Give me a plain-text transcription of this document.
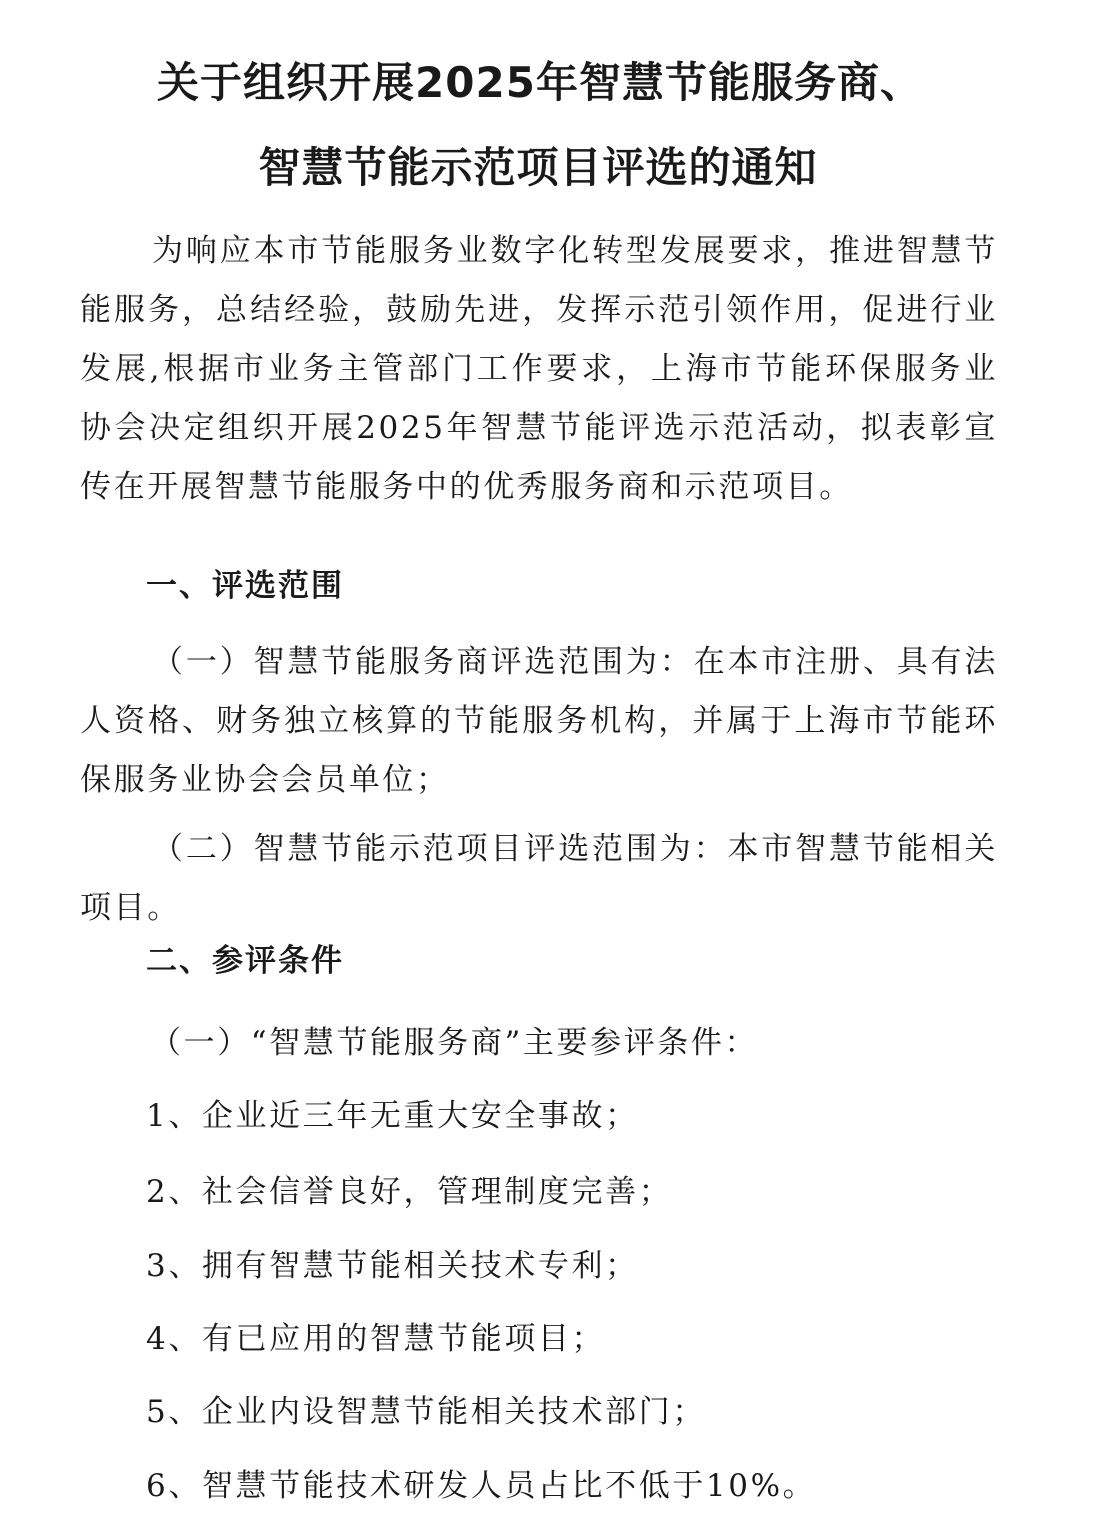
关于组织开展2025年智慧节能服务商、
智慧节能示范项目评选的通知

为响应本市节能服务业数字化转型发展要求，推进智慧节能服务，总结经验，鼓励先进，发挥示范引领作用，促进行业发展,根据市业务主管部门工作要求，上海市节能环保服务业协会决定组织开展2025年智慧节能评选示范活动，拟表彰宣传在开展智慧节能服务中的优秀服务商和示范项目。

一、评选范围

（一）智慧节能服务商评选范围为：在本市注册、具有法人资格、财务独立核算的节能服务机构，并属于上海市节能环保服务业协会会员单位；

（二）智慧节能示范项目评选范围为：本市智慧节能相关项目。

二、参评条件
（一）“智慧节能服务商”主要参评条件：
1、企业近三年无重大安全事故；
2、社会信誉良好，管理制度完善；
3、拥有智慧节能相关技术专利；
4、有已应用的智慧节能项目；
5、企业内设智慧节能相关技术部门；
6、智慧节能技术研发人员占比不低于10%。
